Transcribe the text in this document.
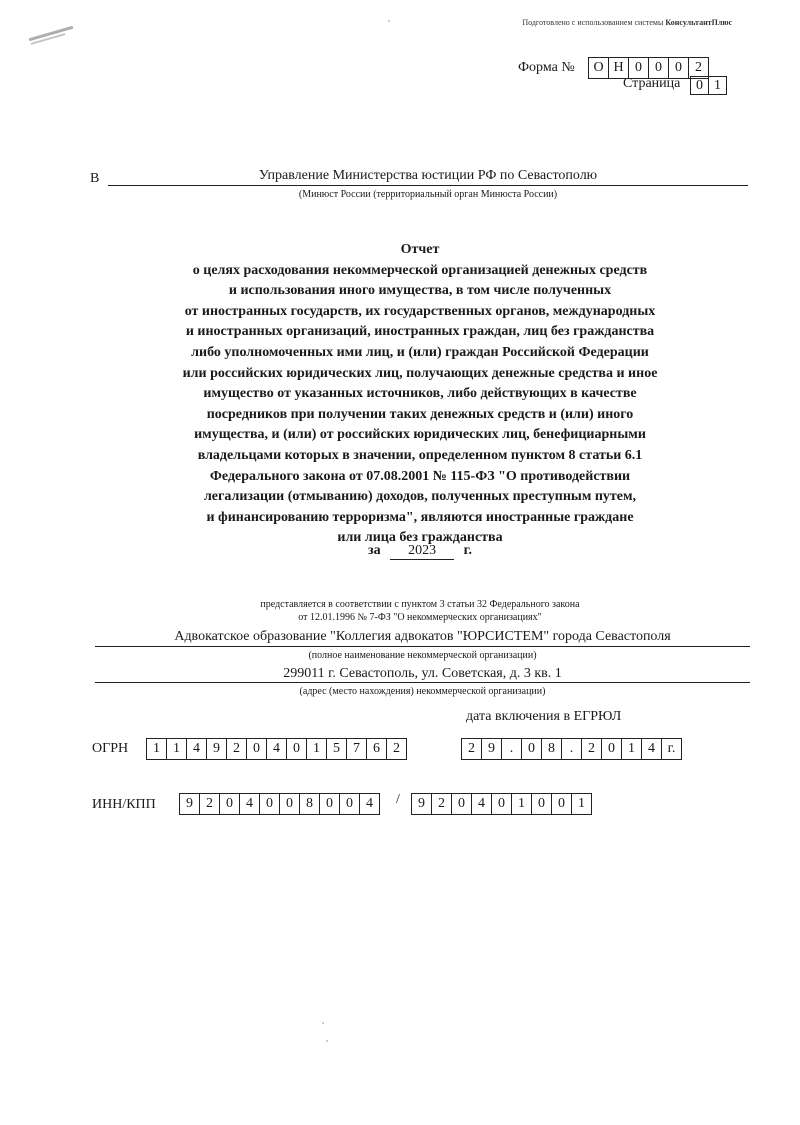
Подготовлено с использованием системы КонсультантПлюс
Форма №	О Н 0 0 0 2
Страница	0 1
В	Управление Министерства юстиции РФ по Севастополю
(Минюст России (территориальный орган Минюста России)
Отчет
о целях расходования некоммерческой организацией денежных средств
и использования иного имущества, в том числе полученных
от иностранных государств, их государственных органов, международных
и иностранных организаций, иностранных граждан, лиц без гражданства
либо уполномоченных ими лиц, и (или) граждан Российской Федерации
или российских юридических лиц, получающих денежные средства и иное
имущество от указанных источников, либо действующих в качестве
посредников при получении таких денежных средств и (или) иного
имущества, и (или) от российских юридических лиц, бенефициарными
владельцами которых в значении, определенном пунктом 8 статьи 6.1
Федерального закона от 07.08.2001 № 115-ФЗ "О противодействии
легализации (отмыванию) доходов, полученных преступным путем,
и финансированию терроризма", являются иностранные граждане
или лица без гражданства
за 2023 г.
представляется в соответствии с пунктом 3 статьи 32 Федерального закона
от 12.01.1996 № 7-ФЗ "О некоммерческих организациях"
Адвокатское образование "Коллегия адвокатов "ЮРСИСТЕМ" города Севастополя
(полное наименование некоммерческой организации)
299011 г. Севастополь, ул. Советская, д. 3 кв. 1
(адрес (место нахождения) некоммерческой организации)
дата включения в ЕГРЮЛ
ОГРН	1 1 4 9 2 0 4 0 1 5 7 6 2	2 9	.	0 8	.	2 0 1 4 г.
ИНН/КПП	9 2 0 4 0 0 8 0 0 4	/	9 2 0 4 0 1 0 0 1
